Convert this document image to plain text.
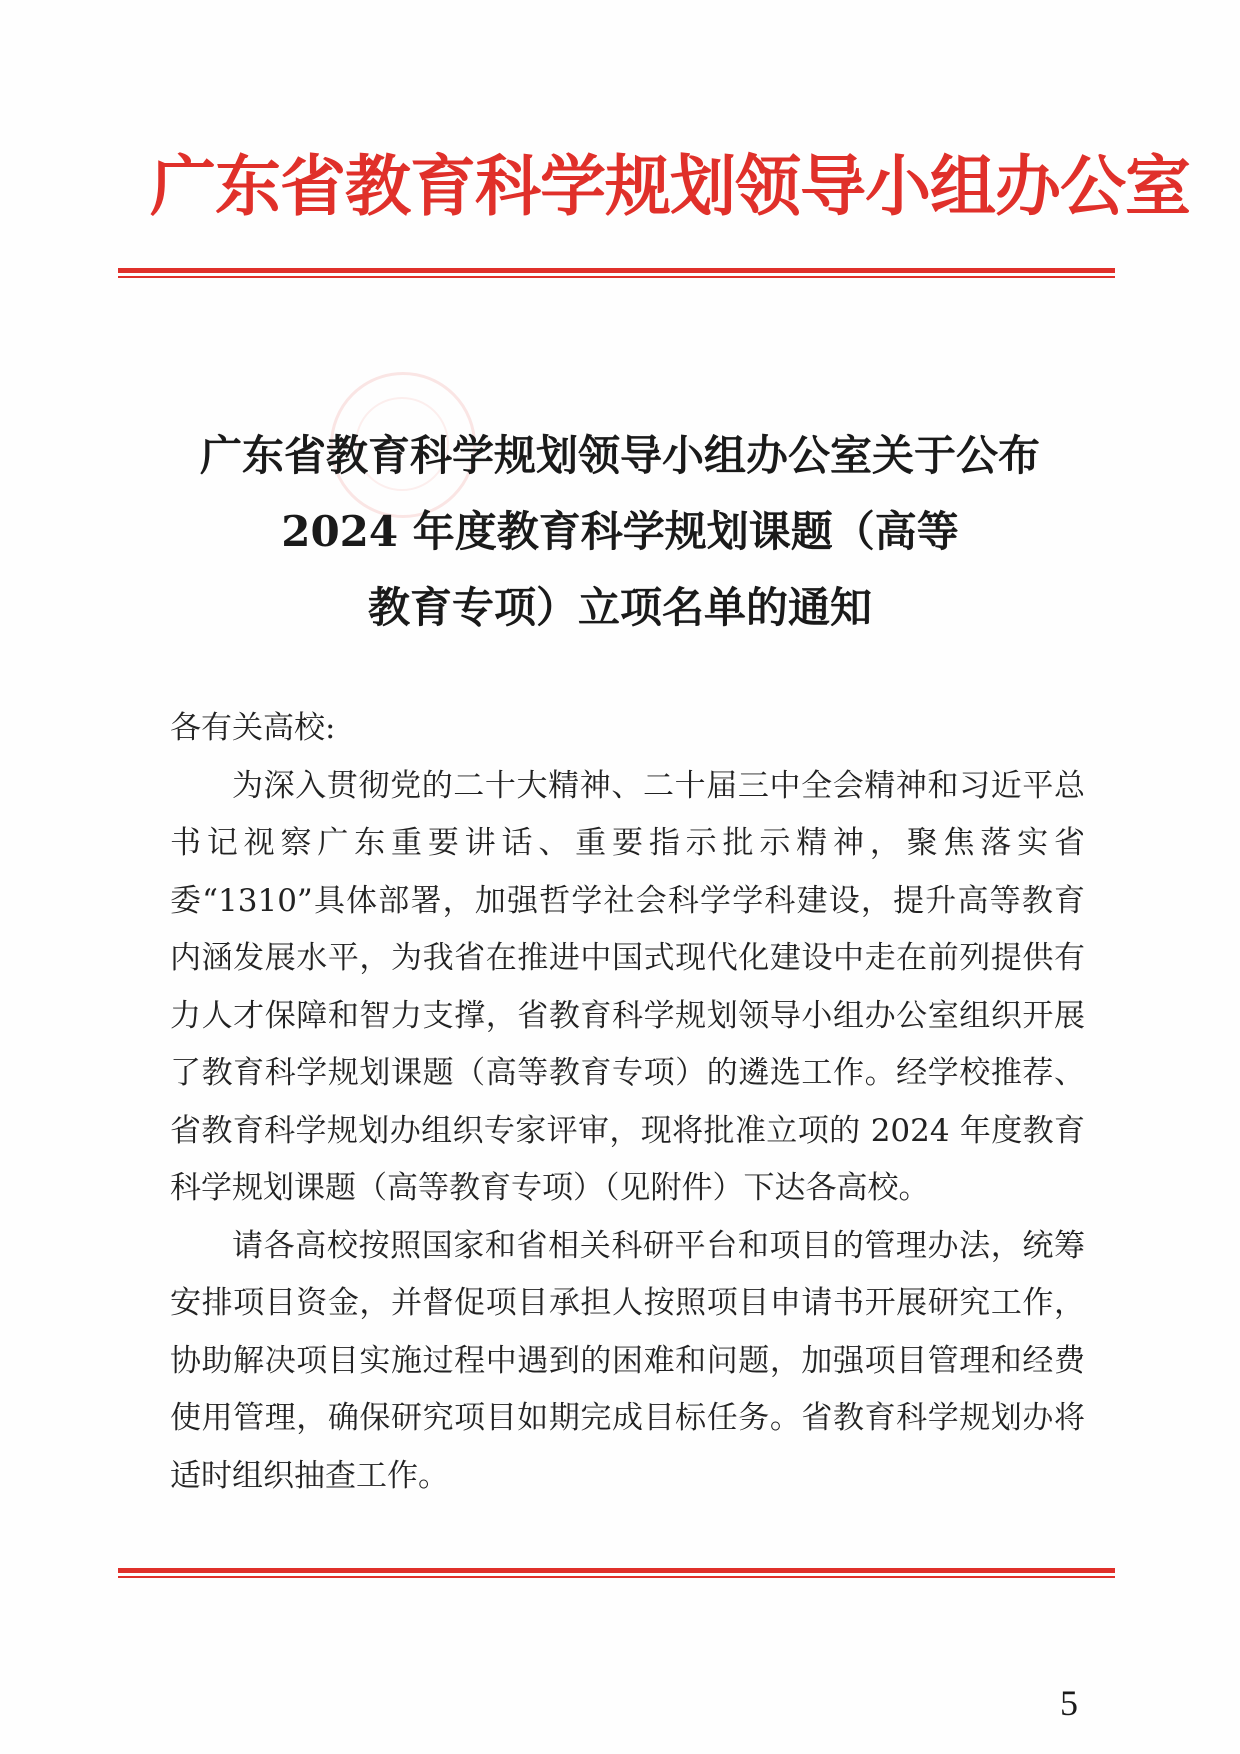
广东省教育科学规划领导小组办公室
广东省教育科学规划领导小组办公室关于公布
2024 年度教育科学规划课题（高等
教育专项）立项名单的通知
各有关高校:

为深入贯彻党的二十大精神、二十届三中全会精神和习近平总书记视察广东重要讲话、重要指示批示精神，聚焦落实省委“1310”具体部署，加强哲学社会科学学科建设，提升高等教育内涵发展水平，为我省在推进中国式现代化建设中走在前列提供有力人才保障和智力支撑，省教育科学规划领导小组办公室组织开展了教育科学规划课题（高等教育专项）的遴选工作。经学校推荐、省教育科学规划办组织专家评审，现将批准立项的 2024 年度教育科学规划课题（高等教育专项）（见附件）下达各高校。

请各高校按照国家和省相关科研平台和项目的管理办法，统筹安排项目资金，并督促项目承担人按照项目申请书开展研究工作，协助解决项目实施过程中遇到的困难和问题，加强项目管理和经费使用管理，确保研究项目如期完成目标任务。省教育科学规划办将适时组织抽查工作。

5
